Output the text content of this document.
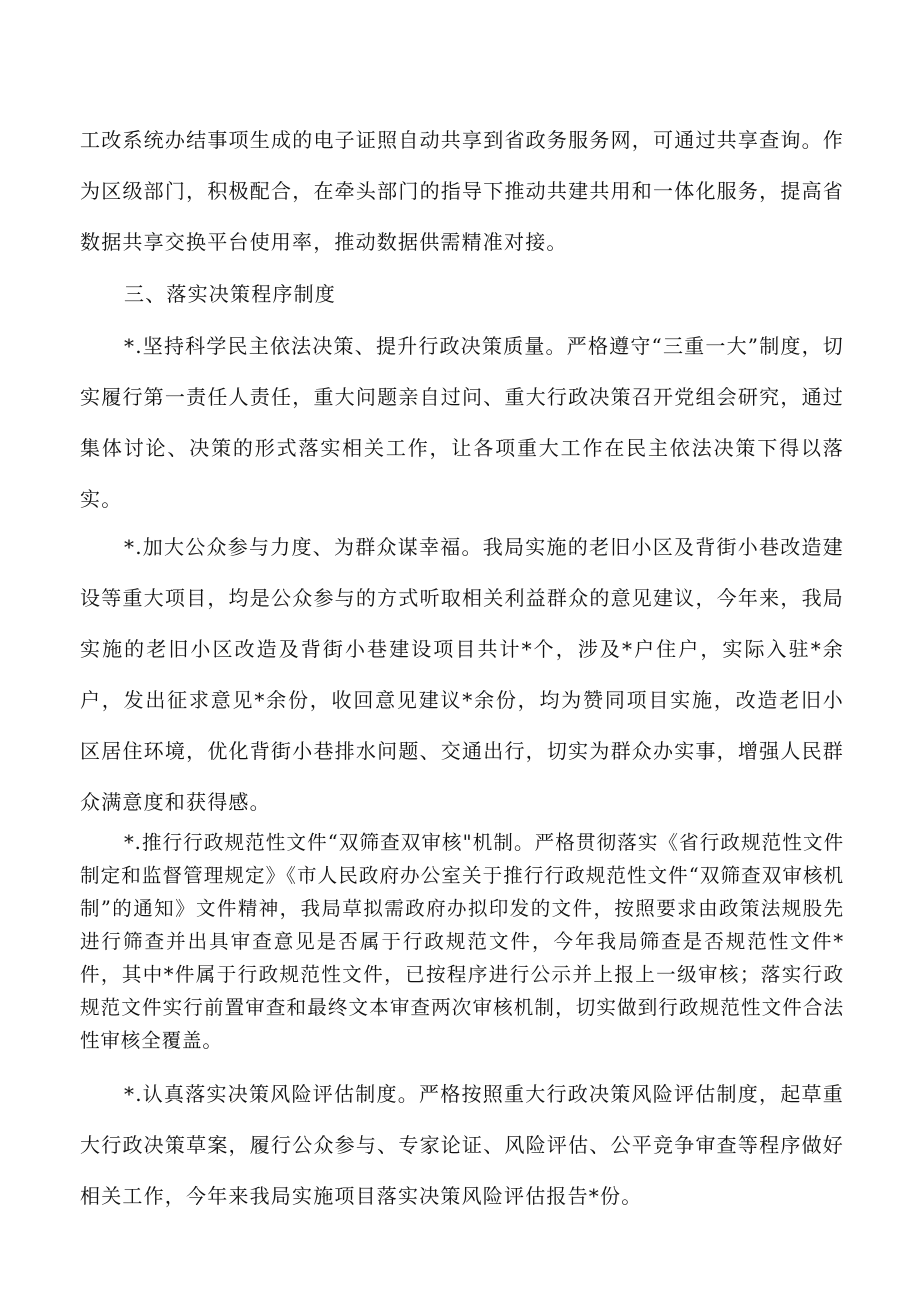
工改系统办结事项生成的电子证照自动共享到省政务服务网，可通过共享查询。作为区级部门，积极配合，在牵头部门的指导下推动共建共用和一体化服务，提高省数据共享交换平台使用率，推动数据供需精准对接。

三、落实决策程序制度

*.坚持科学民主依法决策、提升行政决策质量。严格遵守“三重一大”制度，切实履行第一责任人责任，重大问题亲自过问、重大行政决策召开党组会研究，通过集体讨论、决策的形式落实相关工作，让各项重大工作在民主依法决策下得以落实。

*.加大公众参与力度、为群众谋幸福。我局实施的老旧小区及背街小巷改造建设等重大项目，均是公众参与的方式听取相关利益群众的意见建议，今年来，我局实施的老旧小区改造及背街小巷建设项目共计*个，涉及*户住户，实际入驻*余户，发出征求意见*余份，收回意见建议*余份，均为赞同项目实施，改造老旧小区居住环境，优化背街小巷排水问题、交通出行，切实为群众办实事，增强人民群众满意度和获得感。

*.推行行政规范性文件“双筛查双审核"机制。严格贯彻落实《省行政规范性文件制定和监督管理规定》《市人民政府办公室关于推行行政规范性文件“双筛查双审核机制”的通知》文件精神，我局草拟需政府办拟印发的文件，按照要求由政策法规股先进行筛查并出具审查意见是否属于行政规范文件，今年我局筛查是否规范性文件*件，其中*件属于行政规范性文件，已按程序进行公示并上报上一级审核；落实行政规范文件实行前置审查和最终文本审查两次审核机制，切实做到行政规范性文件合法性审核全覆盖。

*.认真落实决策风险评估制度。严格按照重大行政决策风险评估制度，起草重大行政决策草案，履行公众参与、专家论证、风险评估、公平竞争审查等程序做好相关工作，今年来我局实施项目落实决策风险评估报告*份。
